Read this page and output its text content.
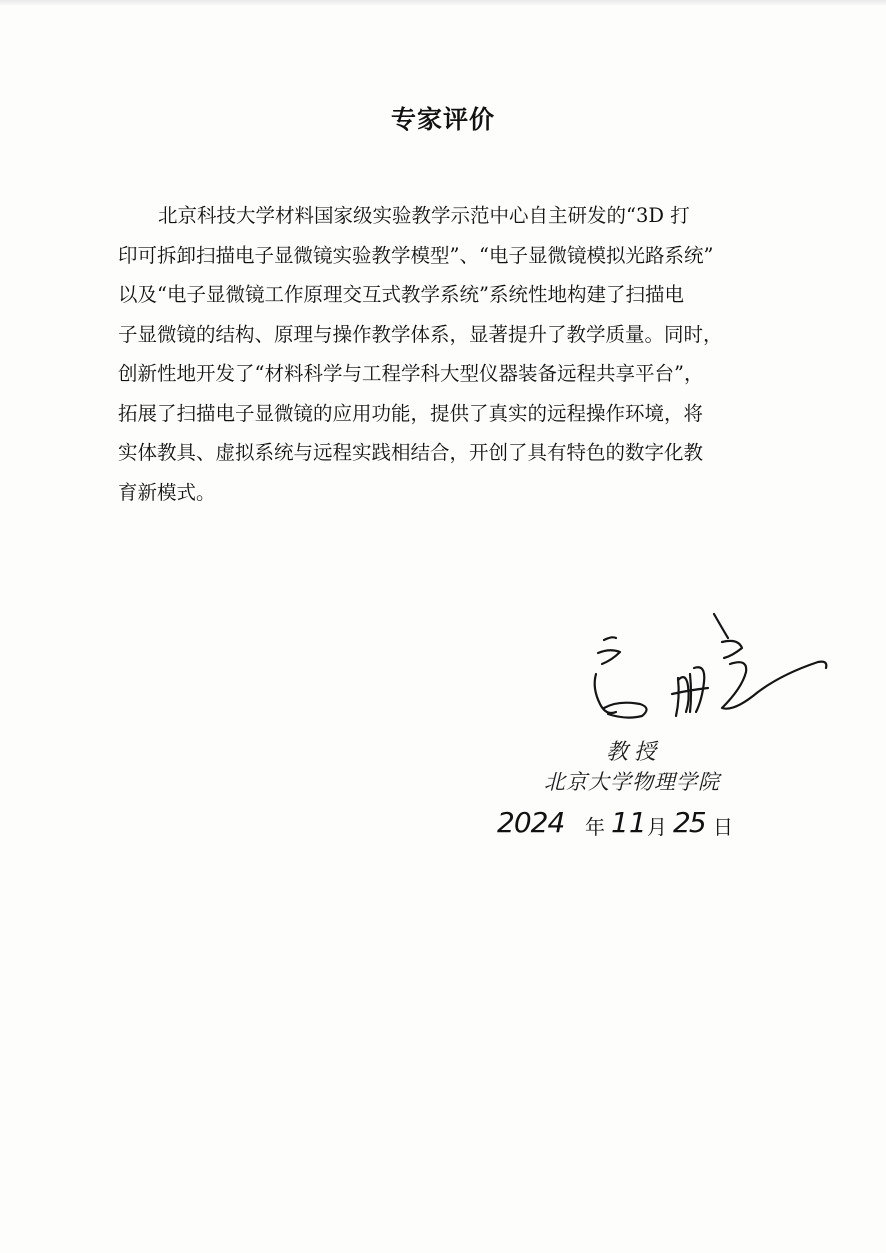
专家评价
北京科技大学材料国家级实验教学示范中心自主研发的“3D 打
印可拆卸扫描电子显微镜实验教学模型”、“电子显微镜模拟光路系统”
以及“电子显微镜工作原理交互式教学系统”系统性地构建了扫描电
子显微镜的结构、原理与操作教学体系，显著提升了教学质量。同时，
创新性地开发了“材料科学与工程学科大型仪器装备远程共享平台”，
拓展了扫描电子显微镜的应用功能，提供了真实的远程操作环境，将
实体教具、虚拟系统与远程实践相结合，开创了具有特色的数字化教
育新模式。
教授
北京大学物理学院
2024 年 11 月 25 日
